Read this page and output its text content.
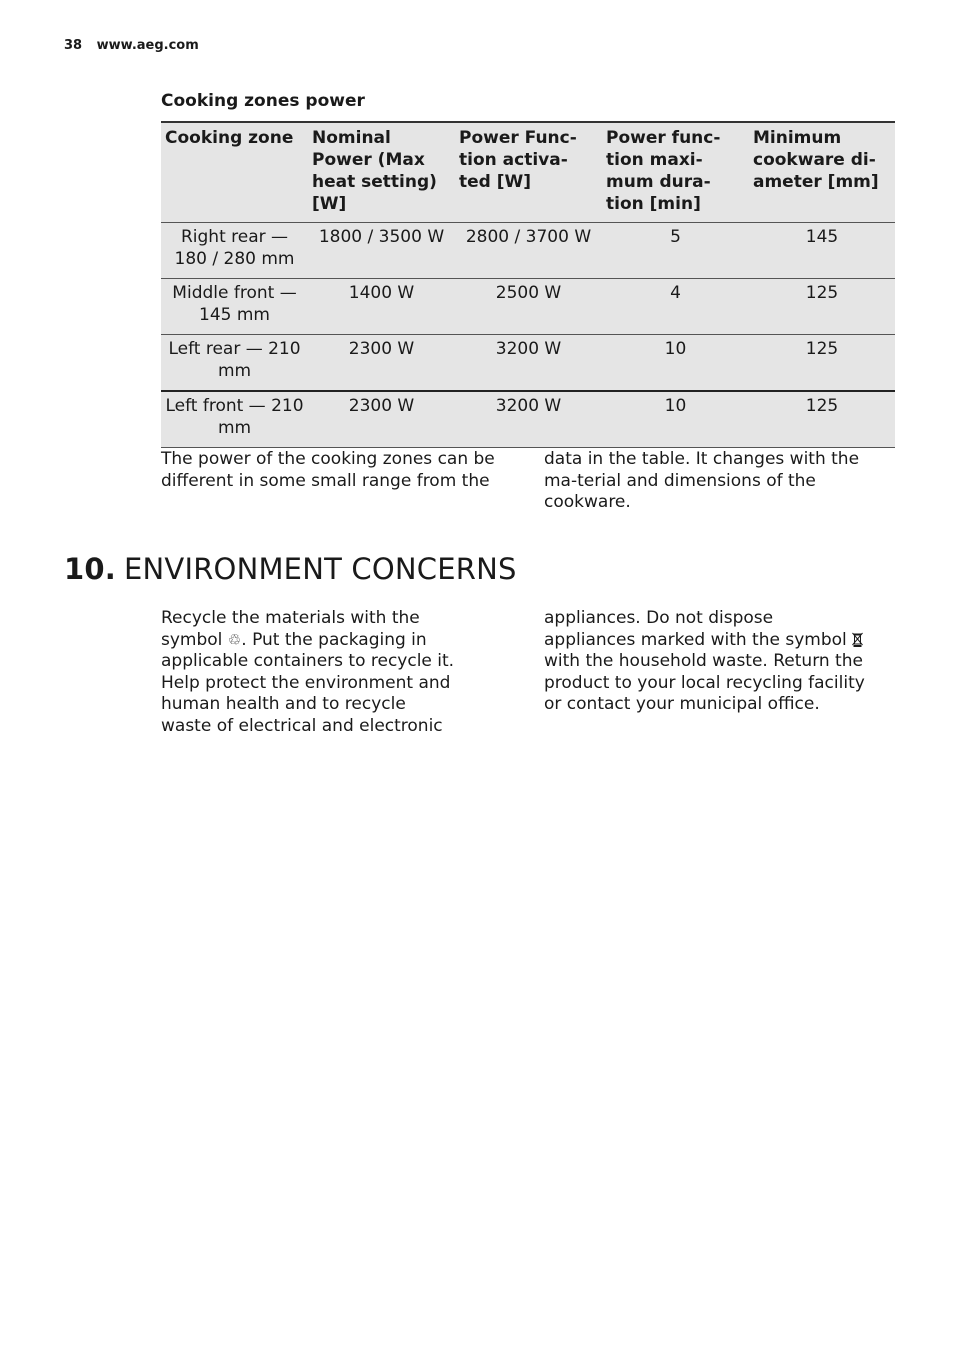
38 www.aeg.com
Cooking zones power
Cooking zone	Nominal Power (Max heat setting) [W]	Power Func-tion activa-ted [W]	Power func-tion maxi-mum dura-tion [min]	Minimum cookware di-ameter [mm]
Right rear — 180 / 280 mm	1800 / 3500 W	2800 / 3700 W	5	145
Middle front — 145 mm	1400 W	2500 W	4	125
Left rear — 210 mm	2300 W	3200 W	10	125
Left front — 210 mm	2300 W	3200 W	10	125
The power of the cooking zones can be different in some small range from the
data in the table. It changes with the ma-terial and dimensions of the cookware.
10. ENVIRONMENT CONCERNS
Recycle the materials with the symbol ♲. Put the packaging in applicable containers to recycle it. Help protect the environment and human health and to recycle waste of electrical and electronic
appliances. Do not dispose appliances marked with the symbol  with the household waste. Return the product to your local recycling facility or contact your municipal office.
